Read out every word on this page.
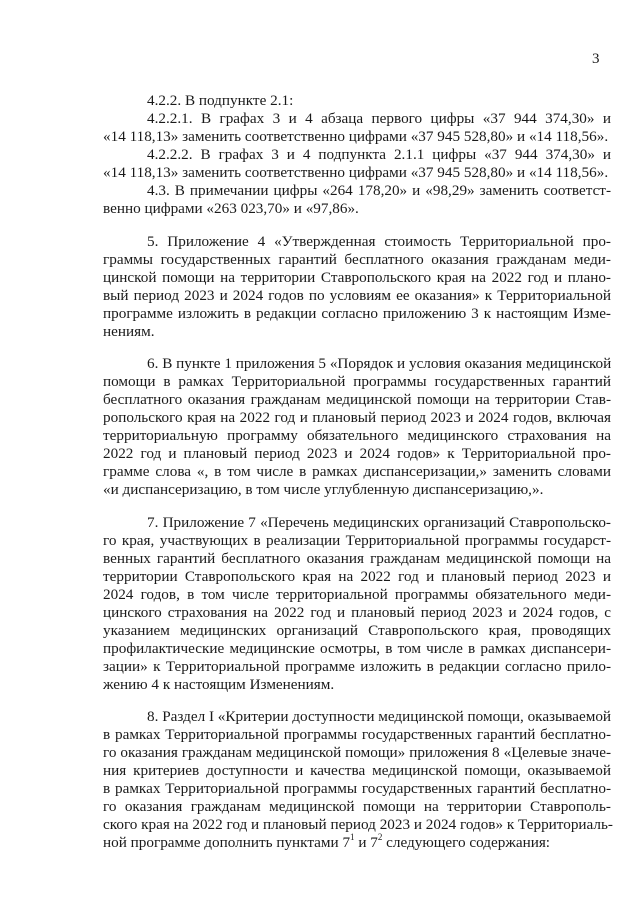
3
4.2.2. В подпункте 2.1:
4.2.2.1. В графах 3 и 4 абзаца первого цифры «37 944 374,30» и
«14 118,13» заменить соответственно цифрами «37 945 528,80» и «14 118,56».
4.2.2.2. В графах 3 и 4 подпункта 2.1.1 цифры «37 944 374,30» и
«14 118,13» заменить соответственно цифрами «37 945 528,80» и «14 118,56».
4.3. В примечании цифры «264 178,20» и «98,29» заменить соответст-
венно цифрами «263 023,70» и «97,86».
5. Приложение 4 «Утвержденная стоимость Территориальной про-
граммы государственных гарантий бесплатного оказания гражданам меди-
цинской помощи на территории Ставропольского края на 2022 год и плано-
вый период 2023 и 2024 годов по условиям ее оказания» к Территориальной
программе изложить в редакции согласно приложению 3 к настоящим Изме-
нениям.
6. В пункте 1 приложения 5 «Порядок и условия оказания медицинской
помощи в рамках Территориальной программы государственных гарантий
бесплатного оказания гражданам медицинской помощи на территории Став-
ропольского края на 2022 год и плановый период 2023 и 2024 годов, включая
территориальную программу обязательного медицинского страхования на
2022 год и плановый период 2023 и 2024 годов» к Территориальной про-
грамме слова «, в том числе в рамках диспансеризации,» заменить словами
«и диспансеризацию, в том числе углубленную диспансеризацию,».
7. Приложение 7 «Перечень медицинских организаций Ставропольско-
го края, участвующих в реализации Территориальной программы государст-
венных гарантий бесплатного оказания гражданам медицинской помощи на
территории Ставропольского края на 2022 год и плановый период 2023 и
2024 годов, в том числе территориальной программы обязательного меди-
цинского страхования на 2022 год и плановый период 2023 и 2024 годов, с
указанием медицинских организаций Ставропольского края, проводящих
профилактические медицинские осмотры, в том числе в рамках диспансери-
зации» к Территориальной программе изложить в редакции согласно прило-
жению 4 к настоящим Изменениям.
8. Раздел I «Критерии доступности медицинской помощи, оказываемой
в рамках Территориальной программы государственных гарантий бесплатно-
го оказания гражданам медицинской помощи» приложения 8 «Целевые значе-
ния критериев доступности и качества медицинской помощи, оказываемой
в рамках Территориальной программы государственных гарантий бесплатно-
го оказания гражданам медицинской помощи на территории Ставрополь-
ского края на 2022 год и плановый период 2023 и 2024 годов» к Территориаль-
ной программе дополнить пунктами $7^1$ и $7^2$ следующего содержания:
